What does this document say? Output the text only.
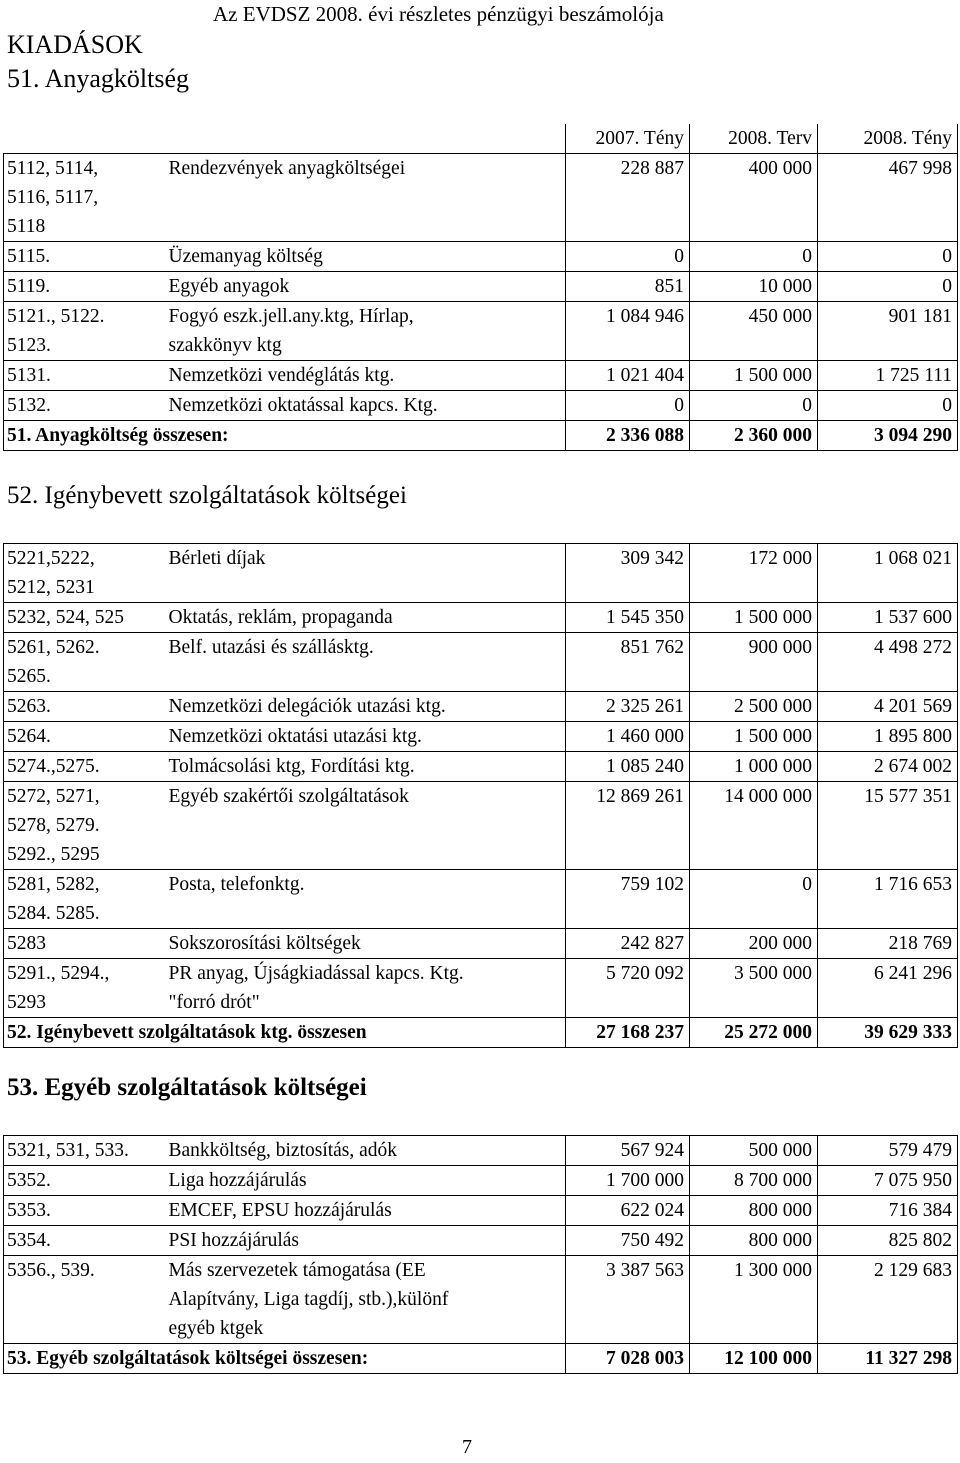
Az EVDSZ 2008. évi részletes pénzügyi beszámolója
KIADÁSOK
51. Anyagköltség
		2007. Tény	2008. Terv	2008. Tény
5112, 5114,
5116, 5117,
5118	Rendezvények anyagköltségei	228 887	400 000	467 998
5115.	Üzemanyag költség	0	0	0
5119.	Egyéb anyagok	851	10 000	0
5121., 5122.
5123.	Fogyó eszk.jell.any.ktg, Hírlap,
szakkönyv ktg	1 084 946	450 000	901 181
5131.	Nemzetközi vendéglátás ktg.	1 021 404	1 500 000	1 725 111
5132.	Nemzetközi oktatással kapcs. Ktg.	0	0	0
51. Anyagköltség összesen:		2 336 088	2 360 000	3 094 290
52. Igénybevett szolgáltatások költségei
5221,5222,
5212, 5231	Bérleti díjak	309 342	172 000	1 068 021
5232, 524, 525	Oktatás, reklám, propaganda	1 545 350	1 500 000	1 537 600
5261, 5262.
5265.	Belf. utazási és szállásktg.	851 762	900 000	4 498 272
5263.	Nemzetközi delegációk utazási ktg.	2 325 261	2 500 000	4 201 569
5264.	Nemzetközi oktatási utazási ktg.	1 460 000	1 500 000	1 895 800
5274.,5275.	Tolmácsolási ktg, Fordítási ktg.	1 085 240	1 000 000	2 674 002
5272, 5271,
5278, 5279.
5292., 5295	Egyéb szakértői szolgáltatások	12 869 261	14 000 000	15 577 351
5281, 5282,
5284. 5285.	Posta, telefonktg.	759 102	0	1 716 653
5283	Sokszorosítási költségek	242 827	200 000	218 769
5291., 5294.,
5293	PR anyag, Újságkiadással kapcs. Ktg.
"forró drót"	5 720 092	3 500 000	6 241 296
52. Igénybevett szolgáltatások ktg. összesen		27 168 237	25 272 000	39 629 333
53. Egyéb szolgáltatások költségei
5321, 531, 533.	Bankköltség, biztosítás, adók	567 924	500 000	579 479
5352.	Liga hozzájárulás	1 700 000	8 700 000	7 075 950
5353.	EMCEF, EPSU hozzájárulás	622 024	800 000	716 384
5354.	PSI hozzájárulás	750 492	800 000	825 802
5356., 539.	Más szervezetek támogatása (EE
Alapítvány, Liga tagdíj, stb.),különf
egyéb ktgek	3 387 563	1 300 000	2 129 683
53. Egyéb szolgáltatások költségei összesen:		7 028 003	12 100 000	11 327 298
7
